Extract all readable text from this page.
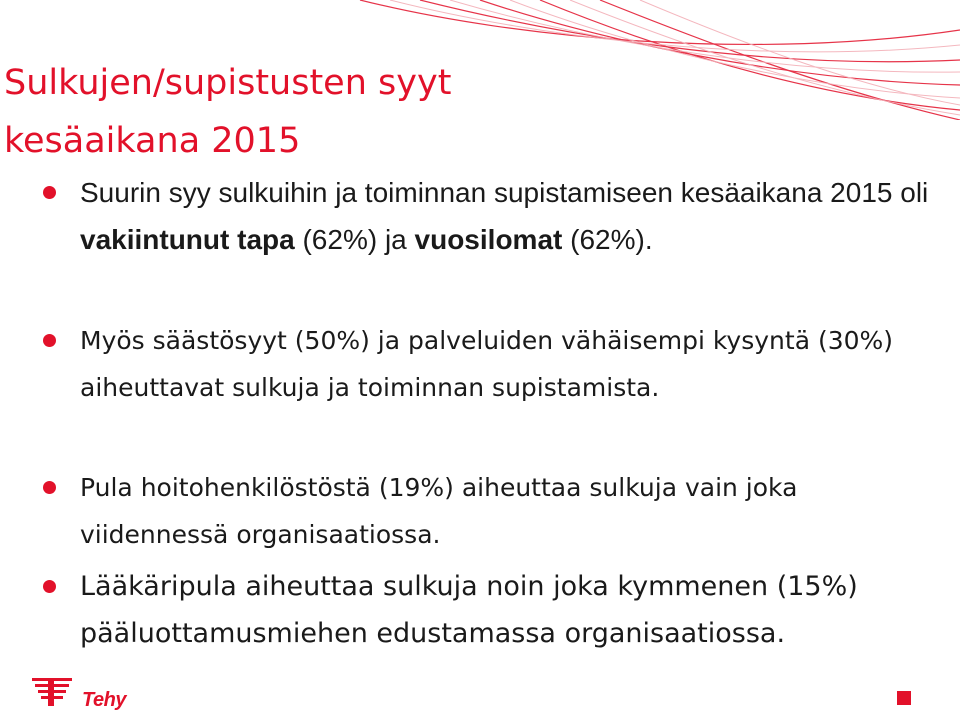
Sulkujen/supistusten syyt
kesäaikana 2015
Suurin syy sulkuihin ja toiminnan supistamiseen kesäaikana 2015 oli vakiintunut tapa (62%) ja vuosilomat (62%).
Myös säästösyyt (50%) ja palveluiden vähäisempi kysyntä (30%) aiheuttavat sulkuja ja toiminnan supistamista.
Pula hoitohenkilöstöstä (19%) aiheuttaa sulkuja vain joka viidennessä organisaatiossa.
Lääkäripula aiheuttaa sulkuja noin joka kymmenen (15%) pääluottamusmiehen edustamassa organisaatiossa.
Tehy
